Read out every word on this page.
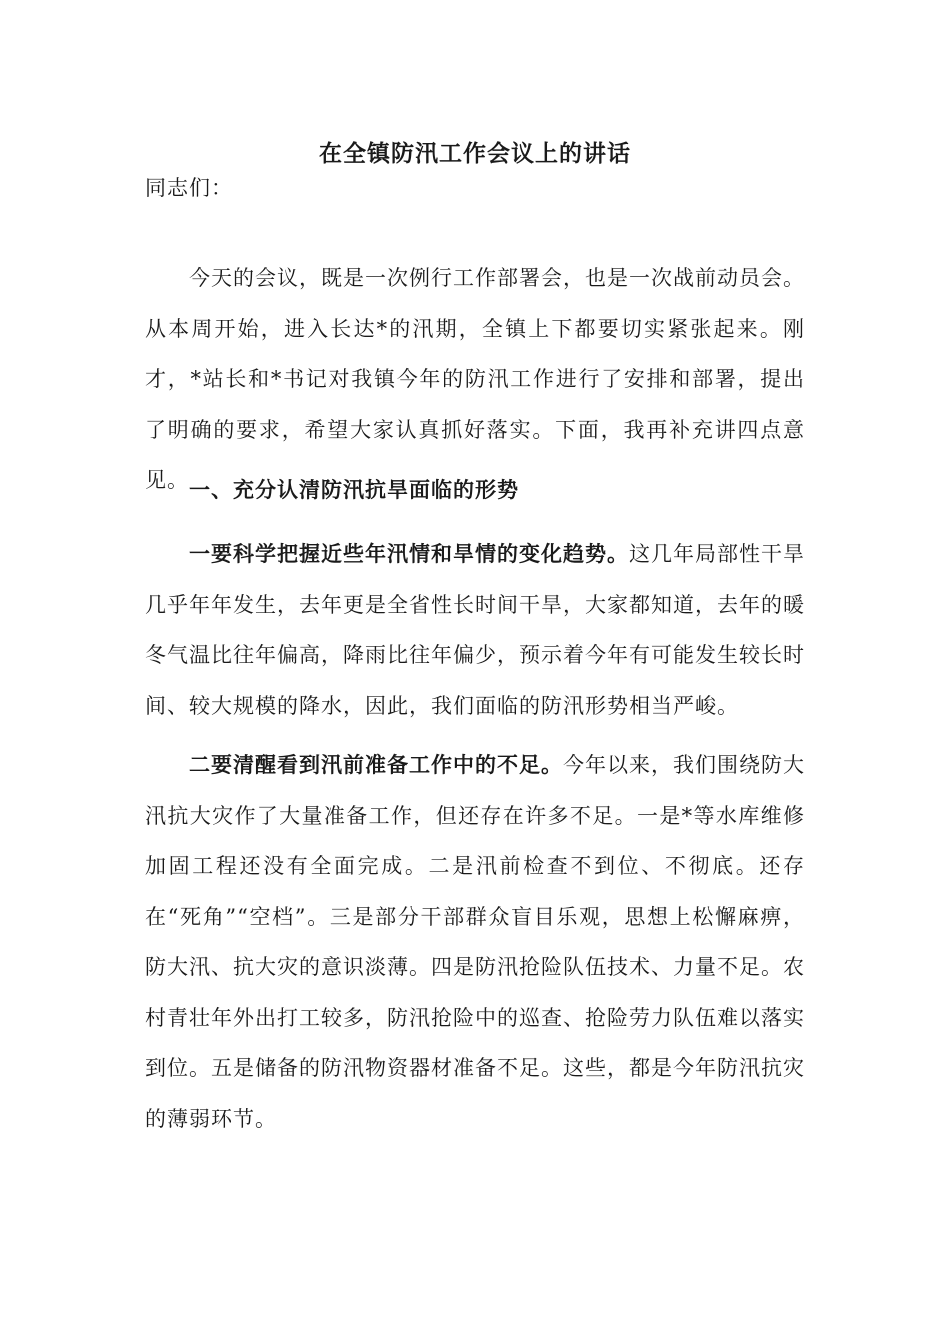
在全镇防汛工作会议上的讲话

同志们：

今天的会议，既是一次例行工作部署会，也是一次战前动员会。从本周开始，进入长达*的汛期，全镇上下都要切实紧张起来。刚才，*站长和*书记对我镇今年的防汛工作进行了安排和部署，提出了明确的要求，希望大家认真抓好落实。下面，我再补充讲四点意见。 一、充分认清防汛抗旱面临的形势

一要科学把握近些年汛情和旱情的变化趋势。这几年局部性干旱几乎年年发生，去年更是全省性长时间干旱，大家都知道，去年的暖冬气温比往年偏高，降雨比往年偏少，预示着今年有可能发生较长时间、较大规模的降水，因此，我们面临的防汛形势相当严峻。

二要清醒看到汛前准备工作中的不足。今年以来，我们围绕防大汛抗大灾作了大量准备工作，但还存在许多不足。一是*等水库维修加固工程还没有全面完成。二是汛前检查不到位、不彻底。还存在“死角”“空档”。三是部分干部群众盲目乐观，思想上松懈麻痹，防大汛、抗大灾的意识淡薄。四是防汛抢险队伍技术、力量不足。农村青壮年外出打工较多，防汛抢险中的巡查、抢险劳力队伍难以落实到位。五是储备的防汛物资器材准备不足。这些，都是今年防汛抗灾的薄弱环节。
